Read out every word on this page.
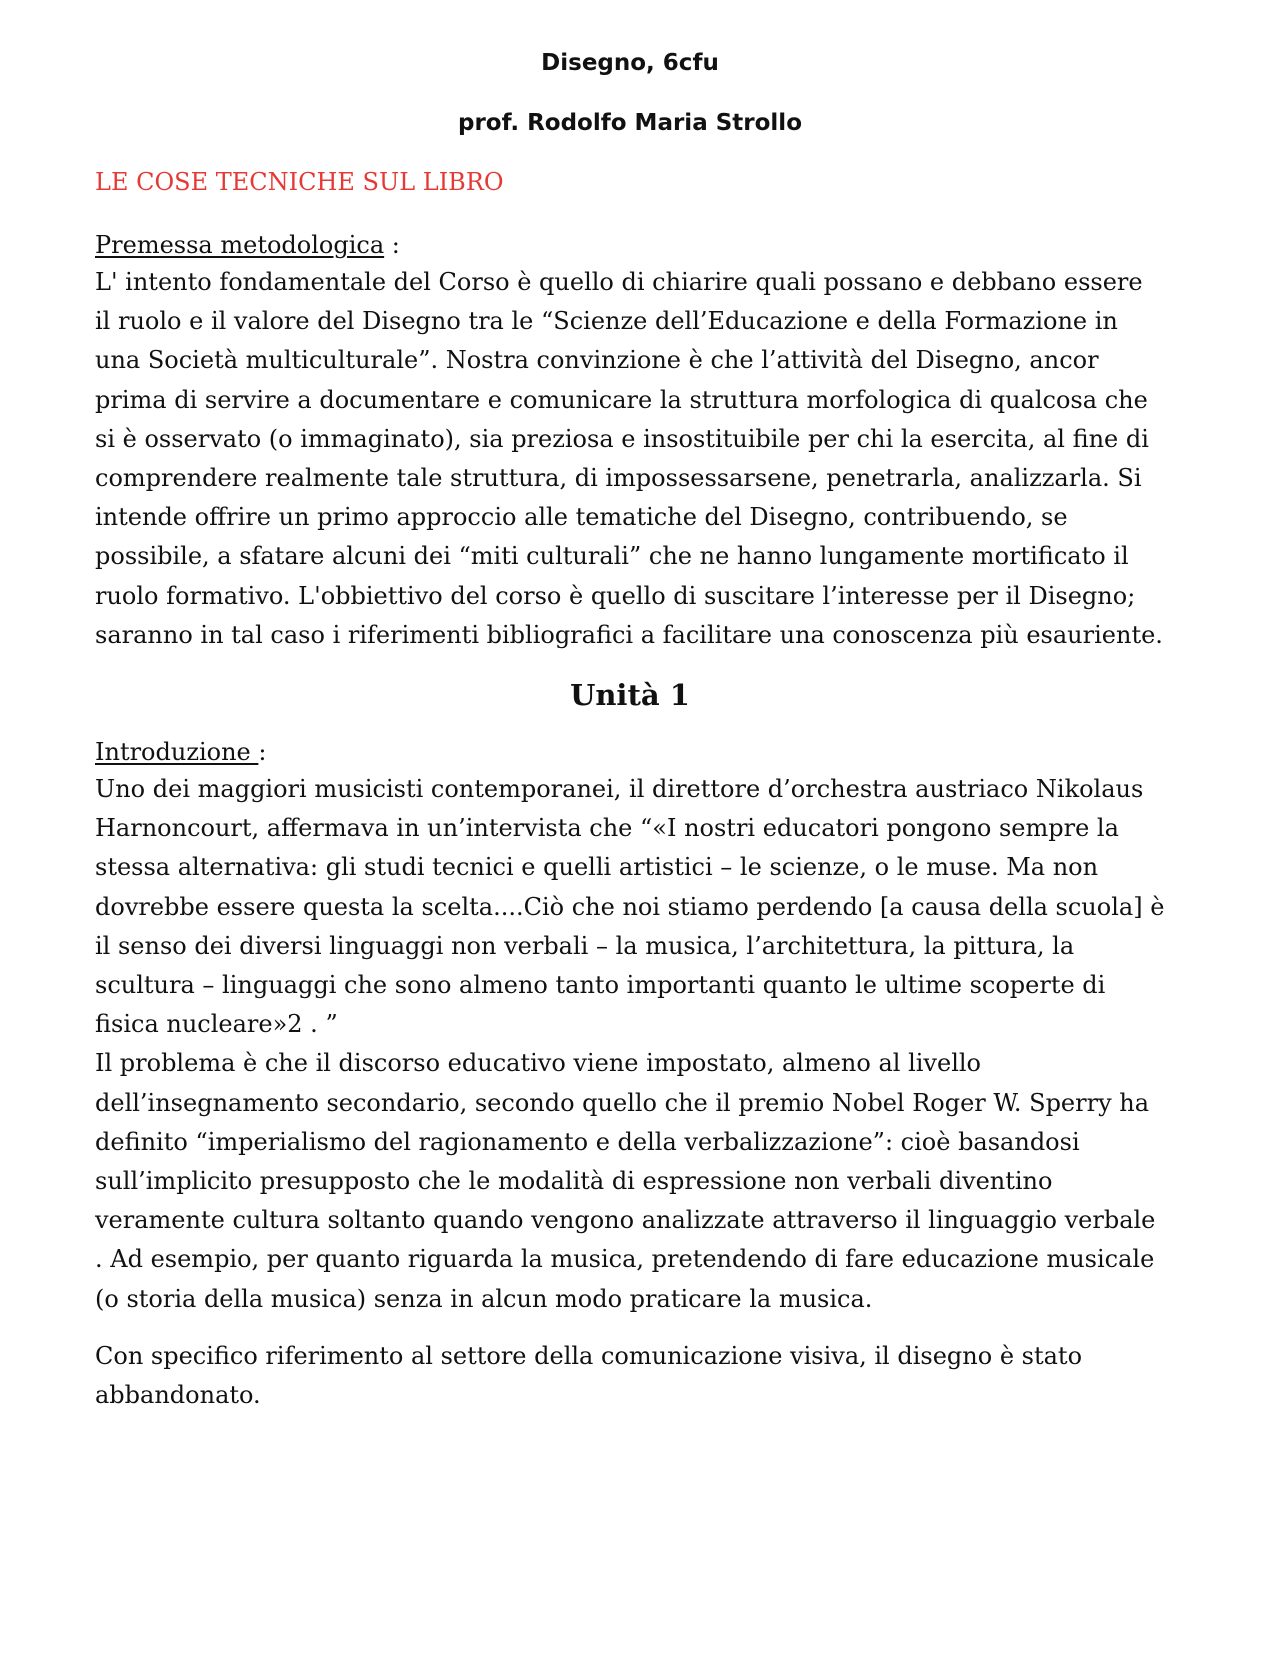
Disegno, 6cfu

prof. Rodolfo Maria Strollo

LE COSE TECNICHE SUL LIBRO

Premessa metodologica :

L' intento fondamentale del Corso è quello di chiarire quali possano e debbano essere il ruolo e il valore del Disegno tra le “Scienze dell’Educazione e della Formazione in una Società multiculturale”. Nostra convinzione è che l’attività del Disegno, ancor prima di servire a documentare e comunicare la struttura morfologica di qualcosa che si è osservato (o immaginato), sia preziosa e insostituibile per chi la esercita, al fine di comprendere realmente tale struttura, di impossessarsene, penetrarla, analizzarla. Si intende offrire un primo approccio alle tematiche del Disegno, contribuendo, se possibile, a sfatare alcuni dei “miti culturali” che ne hanno lungamente mortificato il ruolo formativo. L'obbiettivo del corso è quello di suscitare l’interesse per il Disegno; saranno in tal caso i riferimenti bibliografici a facilitare una conoscenza più esauriente.

Unità 1

Introduzione :

Uno dei maggiori musicisti contemporanei, il direttore d’orchestra austriaco Nikolaus Harnoncourt, affermava in un’intervista che “«I nostri educatori pongono sempre la stessa alternativa: gli studi tecnici e quelli artistici – le scienze, o le muse. Ma non dovrebbe essere questa la scelta....Ciò che noi stiamo perdendo [a causa della scuola] è il senso dei diversi linguaggi non verbali – la musica, l’architettura, la pittura, la scultura – linguaggi che sono almeno tanto importanti quanto le ultime scoperte di fisica nucleare»2 . ”

Il problema è che il discorso educativo viene impostato, almeno al livello dell’insegnamento secondario, secondo quello che il premio Nobel Roger W. Sperry ha definito “imperialismo del ragionamento e della verbalizzazione”: cioè basandosi sull’implicito presupposto che le modalità di espressione non verbali diventino veramente cultura soltanto quando vengono analizzate attraverso il linguaggio verbale . Ad esempio, per quanto riguarda la musica, pretendendo di fare educazione musicale (o storia della musica) senza in alcun modo praticare la musica.

Con specifico riferimento al settore della comunicazione visiva, il disegno è stato abbandonato.
